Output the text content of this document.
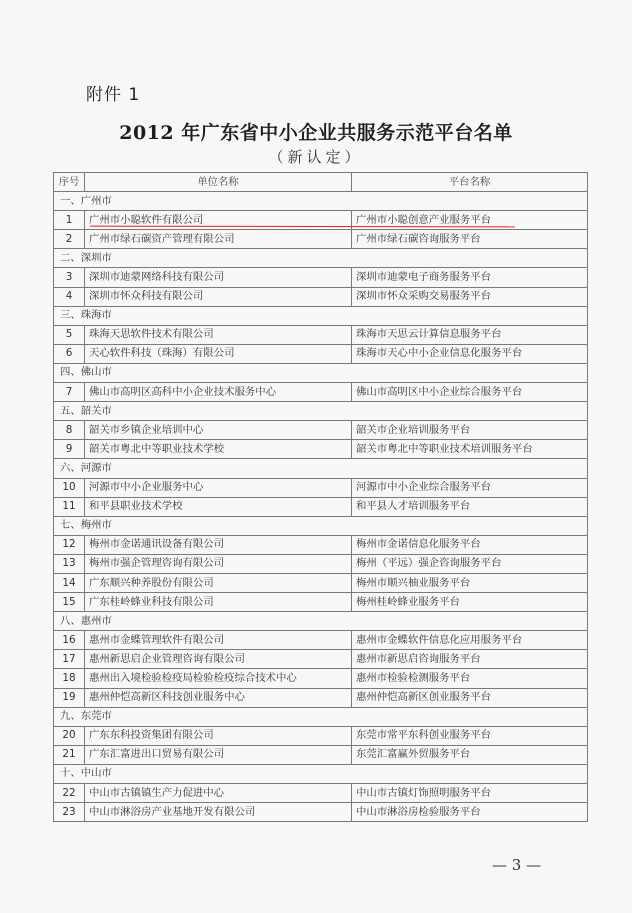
附件 1
2012 年广东省中小企业共服务示范平台名单
（新认定）
序号	单位名称	平台名称
一、广州市		
1	广州市小聪软件有限公司	广州市小聪创意产业服务平台
2	广州市绿石碳资产管理有限公司	广州市绿石碳咨询服务平台
二、深圳市		
3	深圳市迪蒙网络科技有限公司	深圳市迪蒙电子商务服务平台
4	深圳市怀众科技有限公司	深圳市怀众采购交易服务平台
三、珠海市		
5	珠海天思软件技术有限公司	珠海市天思云计算信息服务平台
6	天心软件科技（珠海）有限公司	珠海市天心中小企业信息化服务平台
四、佛山市		
7	佛山市高明区高科中小企业技术服务中心	佛山市高明区中小企业综合服务平台
五、韶关市		
8	韶关市乡镇企业培训中心	韶关市企业培训服务平台
9	韶关市粤北中等职业技术学校	韶关市粤北中等职业技术培训服务平台
六、河源市		
10	河源市中小企业服务中心	河源市中小企业综合服务平台
11	和平县职业技术学校	和平县人才培训服务平台
七、梅州市		
12	梅州市金诺通讯设备有限公司	梅州市金诺信息化服务平台
13	梅州市强企管理咨询有限公司	梅州（平远）强企咨询服务平台
14	广东顺兴种养股份有限公司	梅州市顺兴柚业服务平台
15	广东桂岭蜂业科技有限公司	梅州桂岭蜂业服务平台
八、惠州市		
16	惠州市金蝶管理软件有限公司	惠州市金蝶软件信息化应用服务平台
17	惠州新思启企业管理咨询有限公司	惠州市新思启咨询服务平台
18	惠州出入境检验检疫局检验检疫综合技术中心	惠州市检验检测服务平台
19	惠州仲恺高新区科技创业服务中心	惠州仲恺高新区创业服务平台
九、东莞市		
20	广东东科投资集团有限公司	东莞市常平东科创业服务平台
21	广东汇富进出口贸易有限公司	东莞汇富赢外贸服务平台
十、中山市		
22	中山市古镇镇生产力促进中心	中山市古镇灯饰照明服务平台
23	中山市淋浴房产业基地开发有限公司	中山市淋浴房检验服务平台
— 3 —
